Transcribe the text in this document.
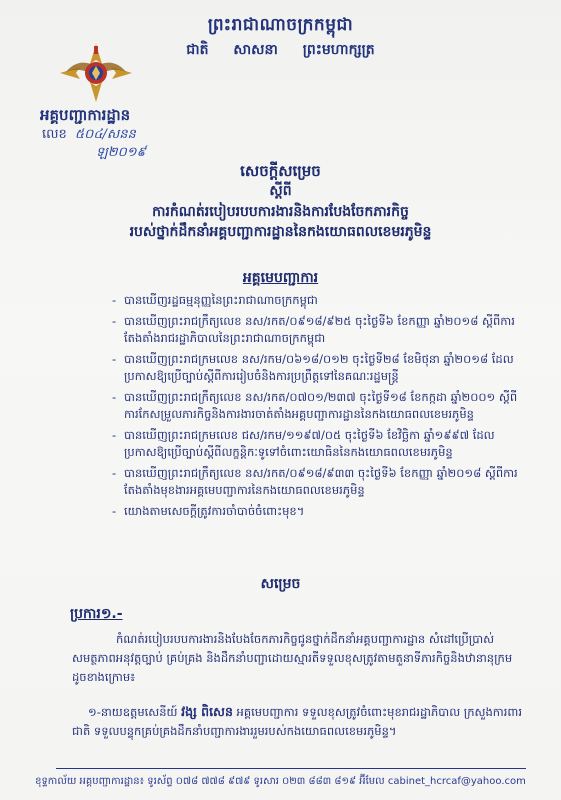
ព្រះរាជាណាចក្រកម្ពុជា
ជាតិ សាសនា ព្រះមហាក្សត្រ
អគ្គបញ្ជាការដ្ឋាន
លេខ ៥០៤/សនន
ឡ២០១៩
សេចក្តីសម្រេច
ស្តីពី
ការកំណត់របៀបរបបការងារនិងការបែងចែកភារកិច្ច
របស់ថ្នាក់ដឹកនាំអគ្គបញ្ជាការដ្ឋាននៃកងយោធពលខេមរភូមិន្ទ
អគ្គមេបញ្ជាការ
- បានឃើញរដ្ឋធម្មនុញ្ញនៃព្រះរាជាណាចក្រកម្ពុជា
- បានឃើញព្រះរាជក្រឹត្យលេខ នស/រកត/០៩១៨/៩២៥ ចុះថ្ងៃទី៦ ខែកញ្ញា ឆ្នាំ២០១៨ ស្តីពីការតែងតាំងរាជរដ្ឋាភិបាលនៃព្រះរាជាណាចក្រកម្ពុជា
- បានឃើញព្រះរាជក្រមលេខ នស/រកម/០៦១៨/០១២ ចុះថ្ងៃទី២៨ ខែមិថុនា ឆ្នាំ២០១៨ ដែលប្រកាសឱ្យប្រើច្បាប់ស្តីពីការរៀបចំនិងការប្រព្រឹត្តទៅនៃគណៈរដ្ឋមន្ត្រី
- បានឃើញព្រះរាជក្រឹត្យលេខ នស/រកត/០៧០១/២៣៧ ចុះថ្ងៃទី១៨ ខែកក្កដា ឆ្នាំ២០០១ ស្តីពីការកែសម្រួលភារកិច្ចនិងការងារចាត់តាំងអគ្គបញ្ជាការដ្ឋាននៃកងយោធពលខេមរភូមិន្ទ
- បានឃើញព្រះរាជក្រមលេខ ជស/រកម/១១៩៧/០៥ ចុះថ្ងៃទី៦ ខែវិច្ឆិកា ឆ្នាំ១៩៩៧ ដែលប្រកាសឱ្យប្រើច្បាប់ស្តីពីលក្ខន្តិកៈទូទៅចំពោះយោធិននៃកងយោធពលខេមរភូមិន្ទ
- បានឃើញព្រះរាជក្រឹត្យលេខ នស/រកត/០៩១៨/៩៣៣ ចុះថ្ងៃទី៦ ខែកញ្ញា ឆ្នាំ២០១៨ ស្តីពីការតែងតាំងមុខងារអគ្គមេបញ្ជាការនៃកងយោធពលខេមរភូមិន្ទ
- យោងតាមសេចក្តីត្រូវការចាំបាច់ចំពោះមុខ។
សម្រេច
ប្រការ១.-
កំណត់របៀបរបបការងារនិងបែងចែកភារកិច្ចជូនថ្នាក់ដឹកនាំអគ្គបញ្ជាការដ្ឋាន សំដៅប្រើប្រាស់សមត្ថភាពអនុវត្តច្បាប់ គ្រប់គ្រង និងដឹកនាំបញ្ជាដោយស្មារតីទទួលខុសត្រូវតាមតួនាទីភារកិច្ចនិងឋានានុក្រម ដូចខាងក្រោម៖
១-នាយឧត្តមសេនីយ៍ វង្ស ពិសេន អគ្គមេបញ្ជាការ ទទួលខុសត្រូវចំពោះមុខរាជរដ្ឋាភិបាល ក្រសួងការពារជាតិ ទទួលបន្ទុកគ្រប់គ្រងដឹកនាំបញ្ជាការងាររួមរបស់កងយោធពលខេមរភូមិន្ទ។
ខុទ្ទកាល័យ អគ្គបញ្ជាការដ្ឋាន៖ ទូរស័ព្ទ ០៧៨ ៧៧៨ ៩៧៩ ទូរសារ ០២៣ ៨៨៣ ៨១៩ អ៊ីមែល cabinet_hcrcaf@yahoo.com
